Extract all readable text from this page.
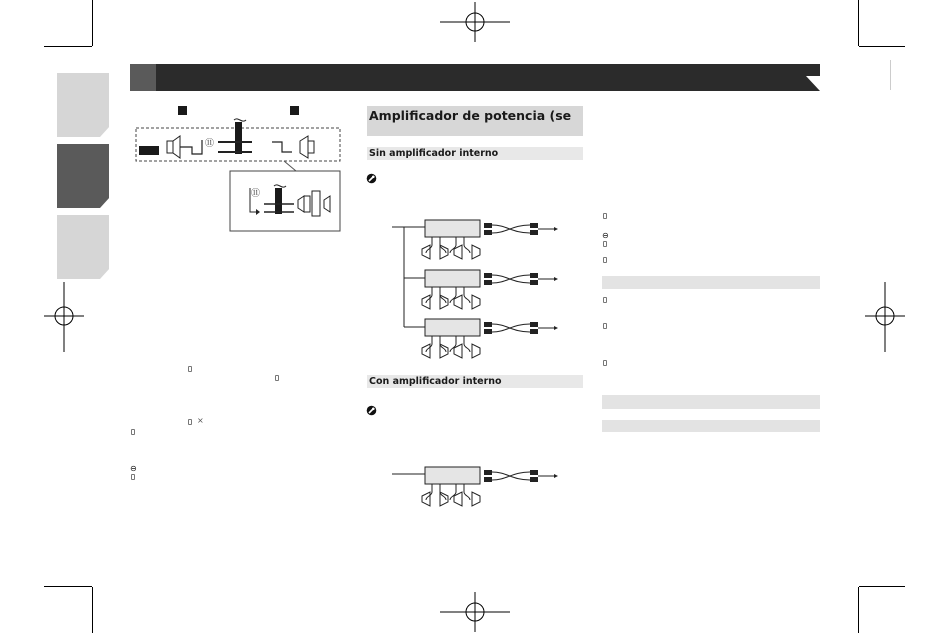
⑪
⑪
×
⊖
Amplificador de potencia (se
Sin amplificador interno
Con amplificador interno
⊖
